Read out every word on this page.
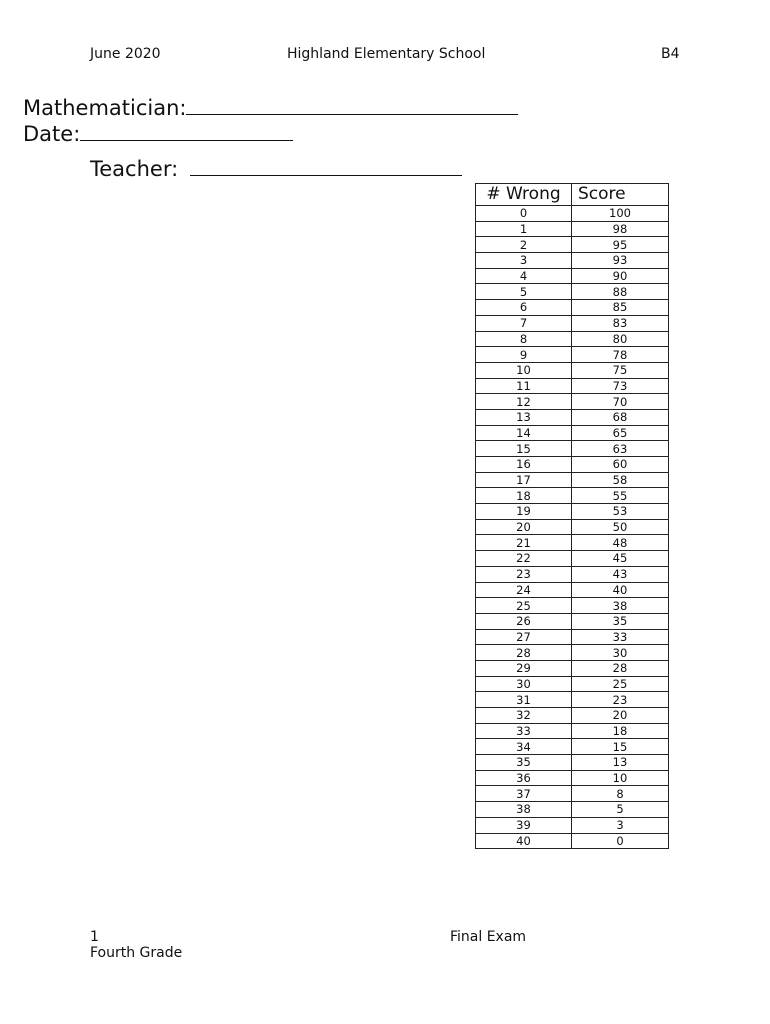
June 2020	Highland Elementary School	B4
Mathematician:
Date:
Teacher:
# Wrong	Score
0	100
1	98
2	95
3	93
4	90
5	88
6	85
7	83
8	80
9	78
10	75
11	73
12	70
13	68
14	65
15	63
16	60
17	58
18	55
19	53
20	50
21	48
22	45
23	43
24	40
25	38
26	35
27	33
28	30
29	28
30	25
31	23
32	20
33	18
34	15
35	13
36	10
37	8
38	5
39	3
40	0
1
Fourth Grade
Final Exam
